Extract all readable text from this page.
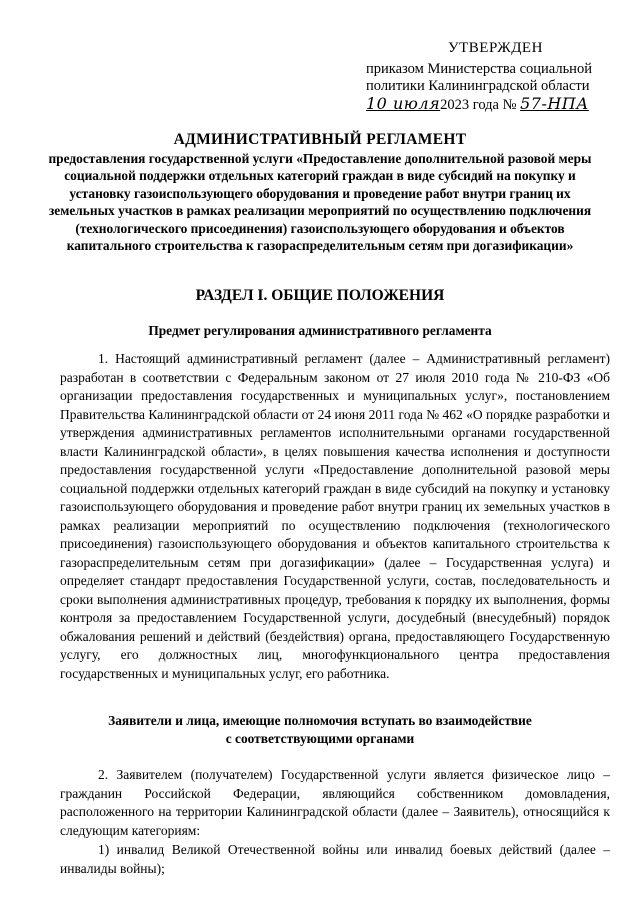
УТВЕРЖДЕН
приказом Министерства социальной
политики Калининградской области
10 июля2023 года № 57-НПА
АДМИНИСТРАТИВНЫЙ РЕГЛАМЕНТ
предоставления государственной услуги «Предоставление дополнительной разовой меры социальной поддержки отдельных категорий граждан в виде субсидий на покупку и установку газоиспользующего оборудования и проведение работ внутри границ их земельных участков в рамках реализации мероприятий по осуществлению подключения (технологического присоединения) газоиспользующего оборудования и объектов капитального строительства к газораспределительным сетям при догазификации»
РАЗДЕЛ I. ОБЩИЕ ПОЛОЖЕНИЯ
Предмет регулирования административного регламента
1. Настоящий административный регламент (далее – Административный регламент) разработан в соответствии с Федеральным законом от 27 июля 2010 года № 210-ФЗ «Об организации предоставления государственных и муниципальных услуг», постановлением Правительства Калининградской области от 24 июня 2011 года № 462 «О порядке разработки и утверждения административных регламентов исполнительными органами государственной власти Калининградской области», в целях повышения качества исполнения и доступности предоставления государственной услуги «Предоставление дополнительной разовой меры социальной поддержки отдельных категорий граждан в виде субсидий на покупку и установку газоиспользующего оборудования и проведение работ внутри границ их земельных участков в рамках реализации мероприятий по осуществлению подключения (технологического присоединения) газоиспользующего оборудования и объектов капитального строительства к газораспределительным сетям при догазификации» (далее – Государственная услуга) и определяет стандарт предоставления Государственной услуги, состав, последовательность и сроки выполнения административных процедур, требования к порядку их выполнения, формы контроля за предоставлением Государственной услуги, досудебный (внесудебный) порядок обжалования решений и действий (бездействия) органа, предоставляющего Государственную услугу, его должностных лиц, многофункционального центра предоставления государственных и муниципальных услуг, его работника.
Заявители и лица, имеющие полномочия вступать во взаимодействие
с соответствующими органами
2. Заявителем (получателем) Государственной услуги является физическое лицо – гражданин Российской Федерации, являющийся собственником домовладения, расположенного на территории Калининградской области (далее – Заявитель), относящийся к следующим категориям:
1) инвалид Великой Отечественной войны или инвалид боевых действий (далее – инвалиды войны);
